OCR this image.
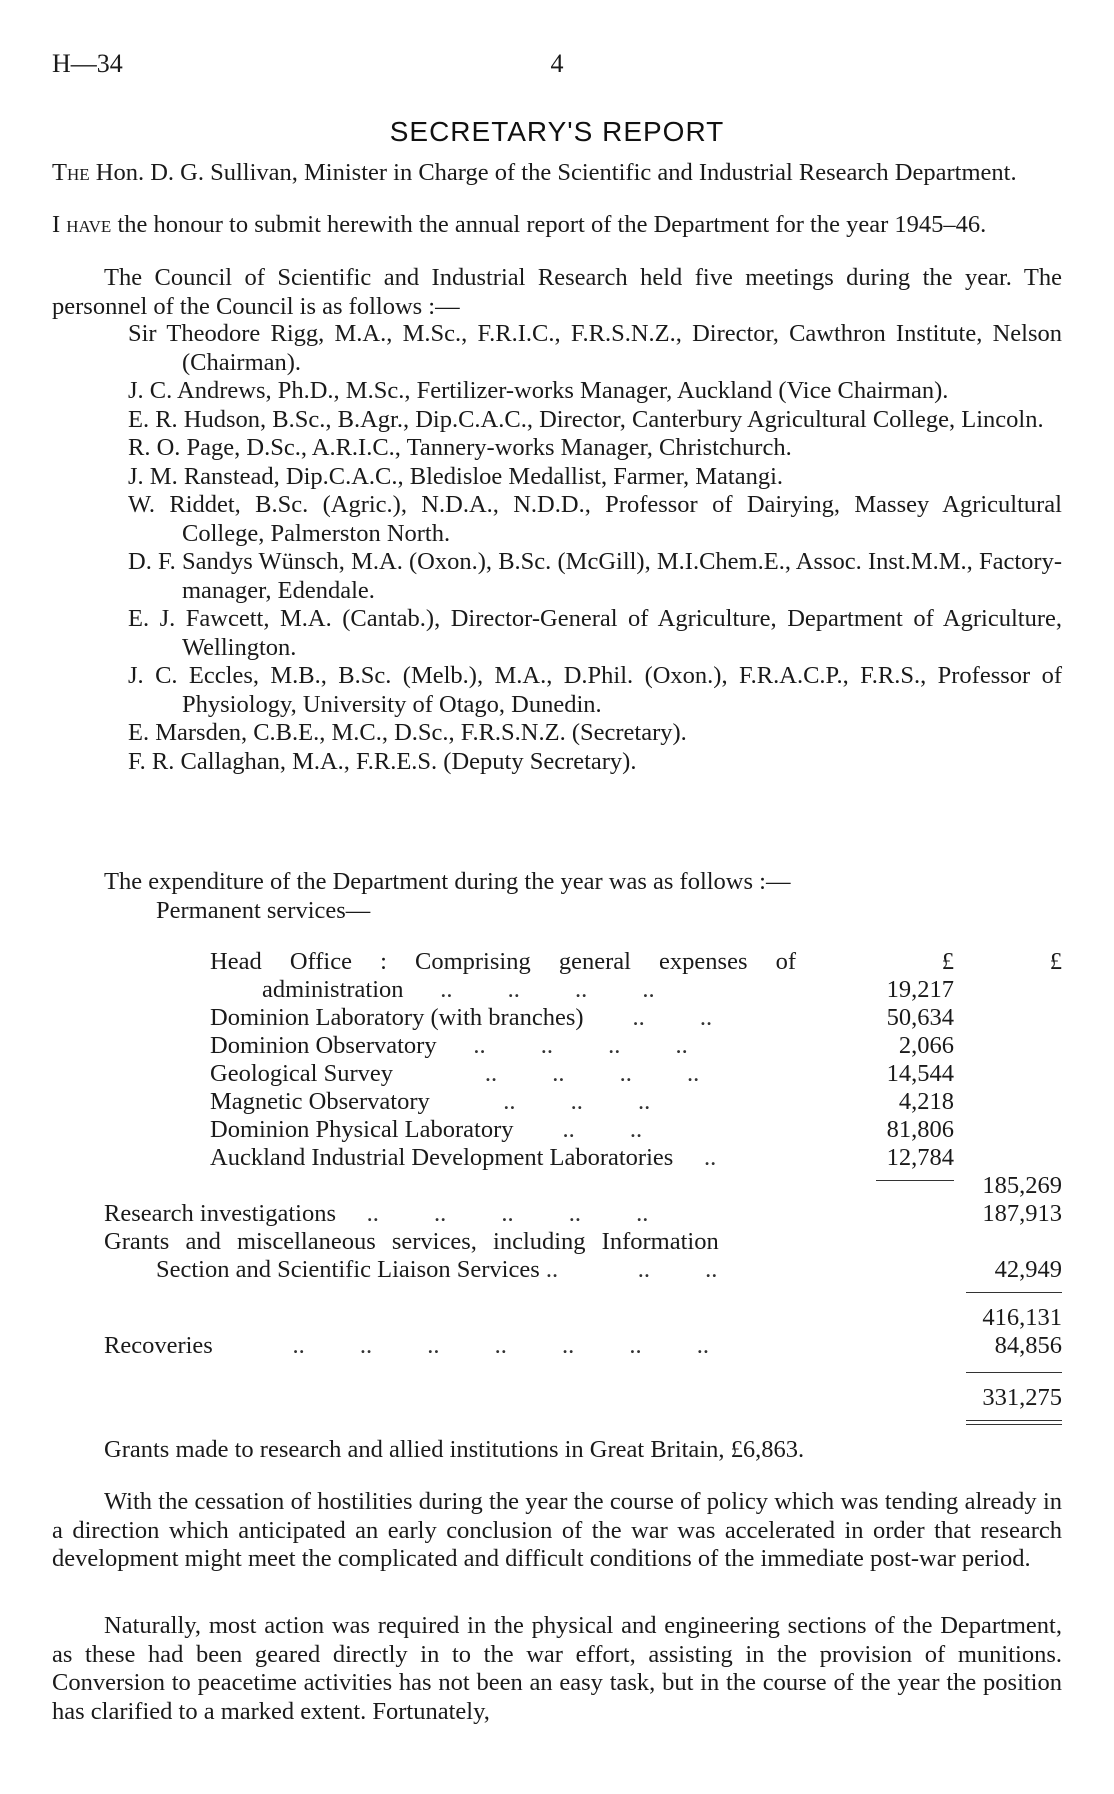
H—34	4
SECRETARY'S REPORT
The Hon. D. G. Sullivan, Minister in Charge of the Scientific and Industrial Research Department.
I have the honour to submit herewith the annual report of the Department for the year 1945–46.
The Council of Scientific and Industrial Research held five meetings during the year. The personnel of the Council is as follows :—
Sir Theodore Rigg, M.A., M.Sc., F.R.I.C., F.R.S.N.Z., Director, Cawthron Institute, Nelson (Chairman).
J. C. Andrews, Ph.D., M.Sc., Fertilizer-works Manager, Auckland (Vice Chairman).
E. R. Hudson, B.Sc., B.Agr., Dip.C.A.C., Director, Canterbury Agricultural College, Lincoln.
R. O. Page, D.Sc., A.R.I.C., Tannery-works Manager, Christchurch.
J. M. Ranstead, Dip.C.A.C., Bledisloe Medallist, Farmer, Matangi.
W. Riddet, B.Sc. (Agric.), N.D.A., N.D.D., Professor of Dairying, Massey Agricultural College, Palmerston North.
D. F. Sandys Wünsch, M.A. (Oxon.), B.Sc. (McGill), M.I.Chem.E., Assoc. Inst.M.M., Factory-manager, Edendale.
E. J. Fawcett, M.A. (Cantab.), Director-General of Agriculture, Department of Agriculture, Wellington.
J. C. Eccles, M.B., B.Sc. (Melb.), M.A., D.Phil. (Oxon.), F.R.A.C.P., F.R.S., Professor of Physiology, University of Otago, Dunedin.
E. Marsden, C.B.E., M.C., D.Sc., F.R.S.N.Z. (Secretary).
F. R. Callaghan, M.A., F.R.E.S. (Deputy Secretary).
The expenditure of the Department during the year was as follows :—
Permanent services—
Head Office : Comprising general expenses of	£	£
administration      ..         ..         ..         ..	19,217
Dominion Laboratory (with branches)        ..         ..	50,634
Dominion Observatory      ..         ..         ..         ..	2,066
Geological Survey               ..         ..         ..         ..	14,544
Magnetic Observatory            ..         ..         ..	4,218
Dominion Physical Laboratory        ..         ..	81,806
Auckland Industrial Development Laboratories     ..	12,784
185,269
Research investigations     ..         ..         ..         ..         ..	187,913
Grants and miscellaneous services, including Information
Section and Scientific Liaison Services ..             ..         ..	42,949
416,131
Recoveries             ..         ..         ..         ..         ..         ..         ..	84,856
331,275
Grants made to research and allied institutions in Great Britain, £6,863.
With the cessation of hostilities during the year the course of policy which was tending already in a direction which anticipated an early conclusion of the war was accelerated in order that research development might meet the complicated and difficult conditions of the immediate post-war period.
Naturally, most action was required in the physical and engineering sections of the Department, as these had been geared directly in to the war effort, assisting in the provision of munitions. Conversion to peacetime activities has not been an easy task, but in the course of the year the position has clarified to a marked extent. Fortunately,
